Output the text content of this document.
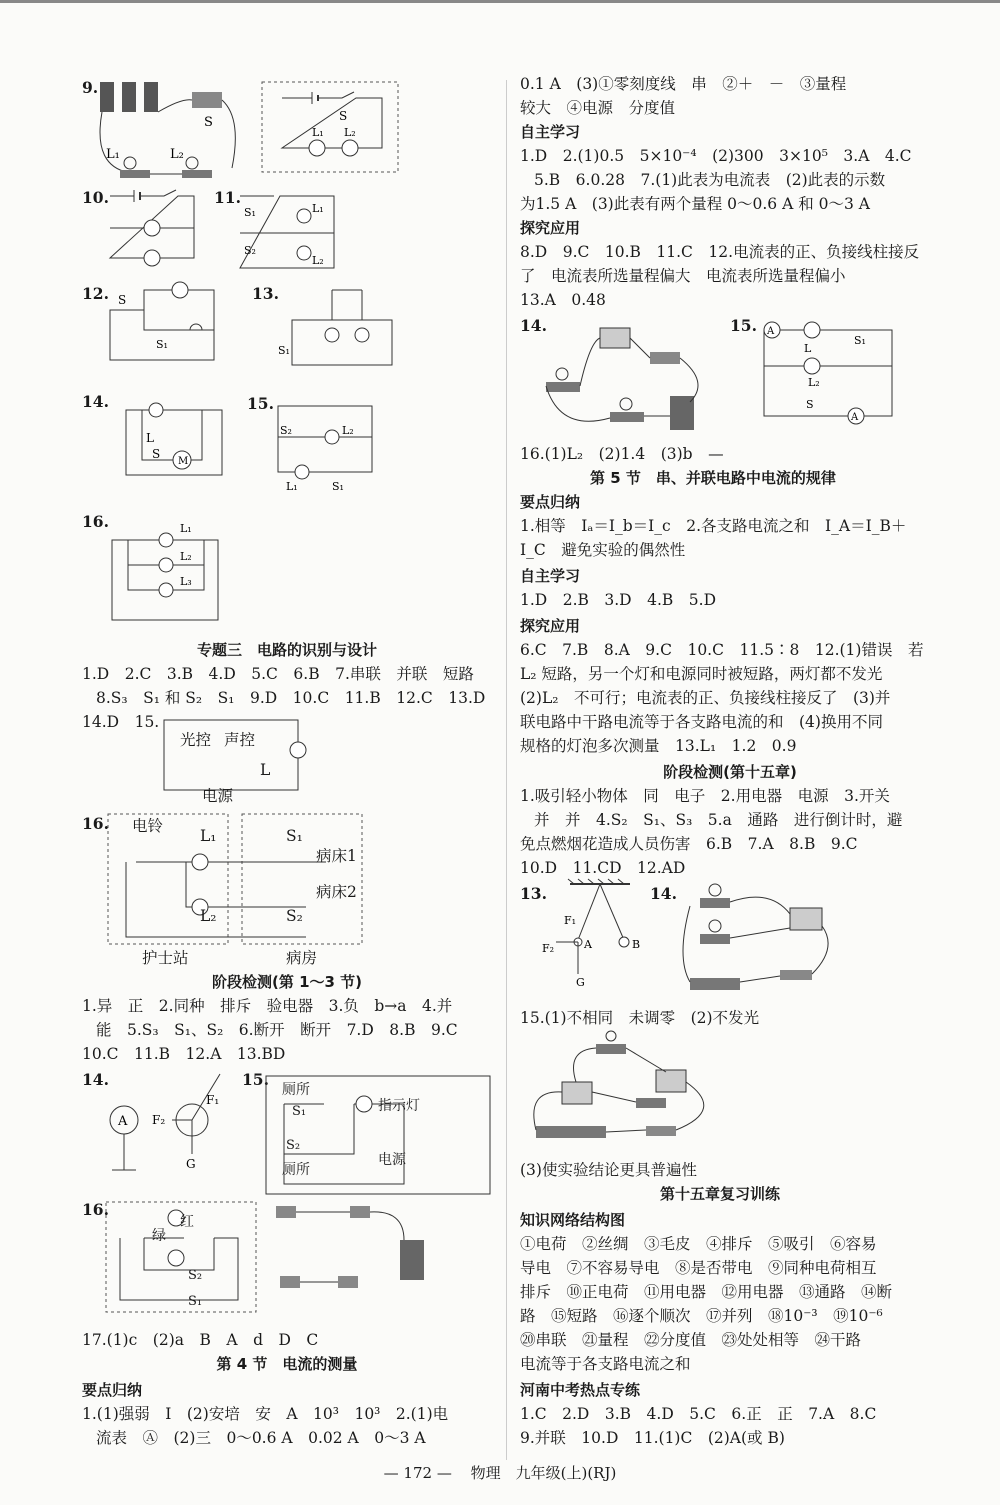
9.
S
L₁	L₂
S
L₁ L₂
10.	11.
S₁	L₁
S₂
L₂
12. S
S₁
13.
S₁
14.
M
L
S
15.
S₂	L₂
L₁	S₁
16.	L₁
L₂
L₃
专题三　电路的识别与设计
1.D　2.C　3.B　4.D　5.C　6.B　7.串联　并联　短路
8.S₃　S₁ 和 S₂　S₁　9.D　10.C　11.B　12.C　13.D
14.D　15.
光控 声控
L
电源
16. 电铃
L₁	S₁
病床1
病床2
L₂	S₂
护士站	病房
阶段检测(第 1～3 节)
1.异　正　2.同种　排斥　验电器　3.负　b→a　4.并
能　5.S₃　S₁、S₂　6.断开　断开　7.D　8.B　9.C
10.C　11.B　12.A　13.BD
14.
A
F₁
F₂
G
15.
厕所
S₁	指示灯
S₂
厕所
电源
16.
红
绿
S₂
S₁
17.(1)c　(2)a　B　A　d　D　C
第 4 节　电流的测量
要点归纳
1.(1)强弱　I　(2)安培　安　A　10³　10³　2.(1)电
流表　Ⓐ　(2)三　0～0.6 A　0.02 A　0～3 A
0.1 A　(3)①零刻度线　串　②＋　－　③量程
较大　④电源　分度值
自主学习
1.D　2.(1)0.5　5×10⁻⁴　(2)300　3×10⁵　3.A　4.C
5.B　6.0.28　7.(1)此表为电流表　(2)此表的示数
为1.5 A　(3)此表有两个量程 0～0.6 A 和 0～3 A
探究应用
8.D　9.C　10.B　11.C　12.电流表的正、负接线柱接反
了　电流表所选量程偏大　电流表所选量程偏小
13.A　0.48
14.	15. A
A
L
S₁
L₂
S
16.(1)L₂　(2)1.4　(3)b　—
第 5 节　串、并联电路中电流的规律
要点归纳
1.相等　Iₐ＝I_b＝I_c　2.各支路电流之和　I_A＝I_B＋
I_C　避免实验的偶然性
自主学习
1.D　2.B　3.D　4.B　5.D
探究应用
6.C　7.B　8.A　9.C　10.C　11.5∶8　12.(1)错误　若
L₂ 短路，另一个灯和电源同时被短路，两灯都不发光
(2)L₂　不可行；电流表的正、负接线柱接反了　(3)并
联电路中干路电流等于各支路电流的和　(4)换用不同
规格的灯泡多次测量　13.L₁　1.2　0.9
阶段检测(第十五章)
1.吸引轻小物体　同　电子　2.用电器　电源　3.开关
并　并　4.S₂　S₁、S₃　5.a　通路　进行倒计时，避
免点燃烟花造成人员伤害　6.B　7.A　8.B　9.C
10.D　11.CD　12.AD
13.
F₁
F₂	A	B
G
14.
15.(1)不相同　未调零　(2)不发光
(3)使实验结论更具普遍性
第十五章复习训练
知识网络结构图
①电荷　②丝绸　③毛皮　④排斥　⑤吸引　⑥容易
导电　⑦不容易导电　⑧是否带电　⑨同种电荷相互
排斥　⑩正电荷　⑪用电器　⑫用电器　⑬通路　⑭断
路　⑮短路　⑯逐个顺次　⑰并列　⑱10⁻³　⑲10⁻⁶
⑳串联　㉑量程　㉒分度值　㉓处处相等　㉔干路
电流等于各支路电流之和
河南中考热点专练
1.C　2.D　3.B　4.D　5.C　6.正　正　7.A　8.C
9.并联　10.D　11.(1)C　(2)A(或 B)
— 172 — 物理　九年级(上)(RJ)
